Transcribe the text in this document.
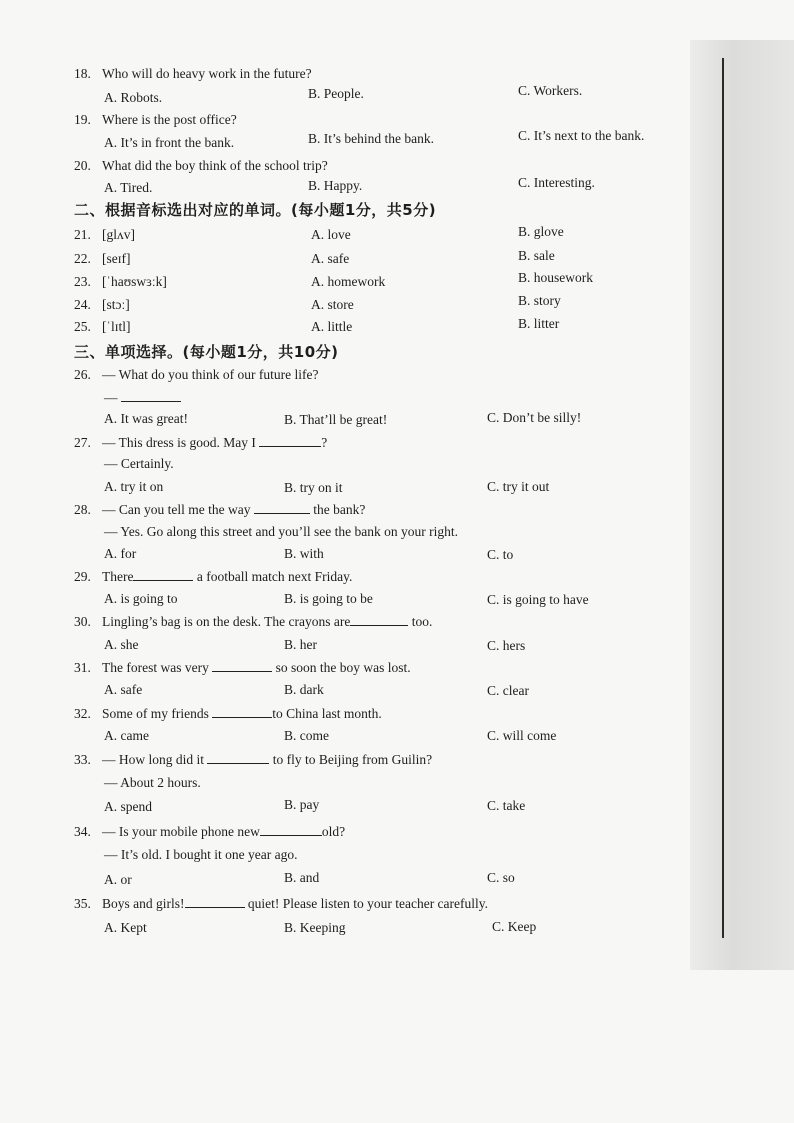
18. Who will do heavy work in the future?
A. Robots.	B. People.	C. Workers.
19. Where is the post office?
A. It’s in front the bank.	B. It’s behind the bank.	C. It’s next to the bank.
20. What did the boy think of the school trip?
A. Tired.	B. Happy.	C. Interesting.
二、根据音标选出对应的单词。(每小题1分，共5分)
21. [glʌv]	A. love	B. glove
22. [seɪf]	A. safe	B. sale
23. [ˈhaʊswɜːk]	A. homework	B. housework
24. [stɔː]	A. store	B. story
25. [ˈlɪtl]	A. little	B. litter
三、单项选择。(每小题1分，共10分)
26. — What do you think of our future life?
—
A. It was great!	B. That’ll be great!	C. Don’t be silly!
27. — This dress is good. May I	?
— Certainly.
A. try it on	B. try on it	C. try it out
28. — Can you tell me the way	the bank?
— Yes. Go along this street and you’ll see the bank on your right.
A. for	B. with	C. to
29. There	a football match next Friday.
A. is going to	B. is going to be	C. is going to have
30. Lingling’s bag is on the desk. The crayons are	too.
A. she	B. her	C. hers
31. The forest was very	so soon the boy was lost.
A. safe	B. dark	C. clear
32. Some of my friends	to China last month.
A. came	B. come	C. will come
33. — How long did it	to fly to Beijing from Guilin?
— About 2 hours.
A. spend	B. pay	C. take
34. — Is your mobile phone new	old?
— It’s old. I bought it one year ago.
A. or	B. and	C. so
35. Boys and girls!	quiet! Please listen to your teacher carefully.
A. Kept	B. Keeping	C. Keep
